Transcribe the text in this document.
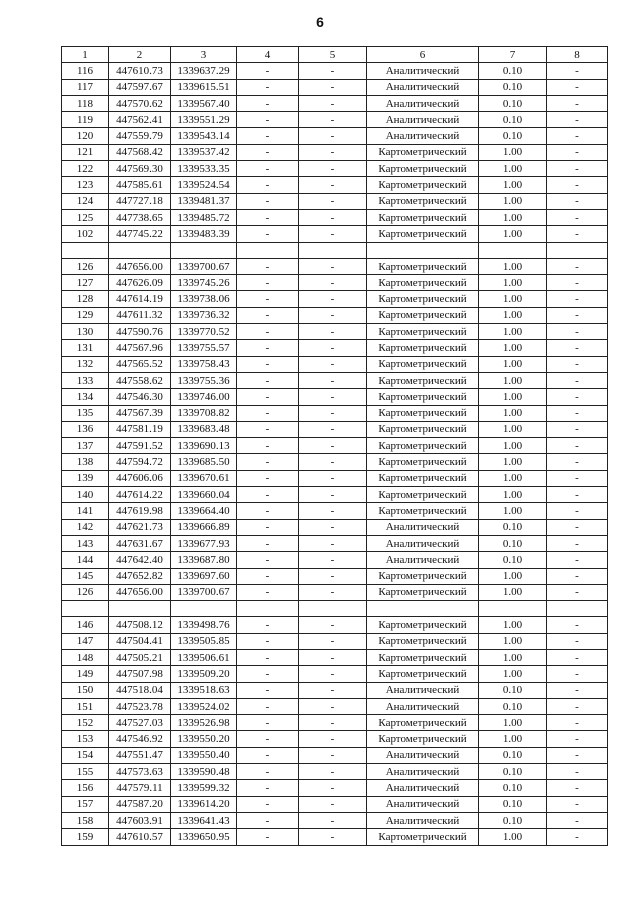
6
1	2	3	4	5	6	7	8
116	447610.73	1339637.29	-	-	Аналитический	0.10	-
117	447597.67	1339615.51	-	-	Аналитический	0.10	-
118	447570.62	1339567.40	-	-	Аналитический	0.10	-
119	447562.41	1339551.29	-	-	Аналитический	0.10	-
120	447559.79	1339543.14	-	-	Аналитический	0.10	-
121	447568.42	1339537.42	-	-	Картометрический	1.00	-
122	447569.30	1339533.35	-	-	Картометрический	1.00	-
123	447585.61	1339524.54	-	-	Картометрический	1.00	-
124	447727.18	1339481.37	-	-	Картометрический	1.00	-
125	447738.65	1339485.72	-	-	Картометрический	1.00	-
102	447745.22	1339483.39	-	-	Картометрический	1.00	-

126	447656.00	1339700.67	-	-	Картометрический	1.00	-
127	447626.09	1339745.26	-	-	Картометрический	1.00	-
128	447614.19	1339738.06	-	-	Картометрический	1.00	-
129	447611.32	1339736.32	-	-	Картометрический	1.00	-
130	447590.76	1339770.52	-	-	Картометрический	1.00	-
131	447567.96	1339755.57	-	-	Картометрический	1.00	-
132	447565.52	1339758.43	-	-	Картометрический	1.00	-
133	447558.62	1339755.36	-	-	Картометрический	1.00	-
134	447546.30	1339746.00	-	-	Картометрический	1.00	-
135	447567.39	1339708.82	-	-	Картометрический	1.00	-
136	447581.19	1339683.48	-	-	Картометрический	1.00	-
137	447591.52	1339690.13	-	-	Картометрический	1.00	-
138	447594.72	1339685.50	-	-	Картометрический	1.00	-
139	447606.06	1339670.61	-	-	Картометрический	1.00	-
140	447614.22	1339660.04	-	-	Картометрический	1.00	-
141	447619.98	1339664.40	-	-	Картометрический	1.00	-
142	447621.73	1339666.89	-	-	Аналитический	0.10	-
143	447631.67	1339677.93	-	-	Аналитический	0.10	-
144	447642.40	1339687.80	-	-	Аналитический	0.10	-
145	447652.82	1339697.60	-	-	Картометрический	1.00	-
126	447656.00	1339700.67	-	-	Картометрический	1.00	-

146	447508.12	1339498.76	-	-	Картометрический	1.00	-
147	447504.41	1339505.85	-	-	Картометрический	1.00	-
148	447505.21	1339506.61	-	-	Картометрический	1.00	-
149	447507.98	1339509.20	-	-	Картометрический	1.00	-
150	447518.04	1339518.63	-	-	Аналитический	0.10	-
151	447523.78	1339524.02	-	-	Аналитический	0.10	-
152	447527.03	1339526.98	-	-	Картометрический	1.00	-
153	447546.92	1339550.20	-	-	Картометрический	1.00	-
154	447551.47	1339550.40	-	-	Аналитический	0.10	-
155	447573.63	1339590.48	-	-	Аналитический	0.10	-
156	447579.11	1339599.32	-	-	Аналитический	0.10	-
157	447587.20	1339614.20	-	-	Аналитический	0.10	-
158	447603.91	1339641.43	-	-	Аналитический	0.10	-
159	447610.57	1339650.95	-	-	Картометрический	1.00	-
